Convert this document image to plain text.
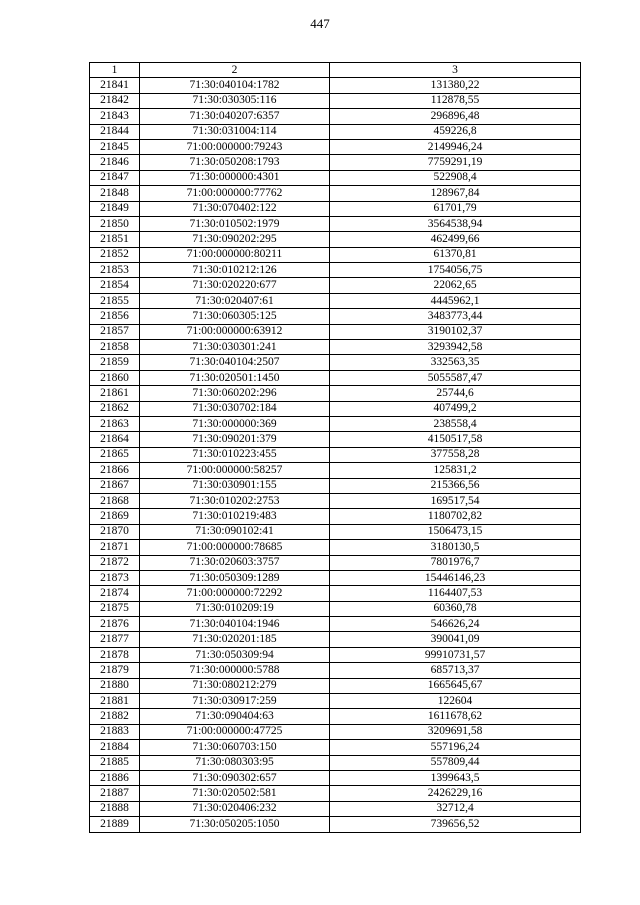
447
1	2	3
21841	71:30:040104:1782	131380,22
21842	71:30:030305:116	112878,55
21843	71:30:040207:6357	296896,48
21844	71:30:031004:114	459226,8
21845	71:00:000000:79243	2149946,24
21846	71:30:050208:1793	7759291,19
21847	71:30:000000:4301	522908,4
21848	71:00:000000:77762	128967,84
21849	71:30:070402:122	61701,79
21850	71:30:010502:1979	3564538,94
21851	71:30:090202:295	462499,66
21852	71:00:000000:80211	61370,81
21853	71:30:010212:126	1754056,75
21854	71:30:020220:677	22062,65
21855	71:30:020407:61	4445962,1
21856	71:30:060305:125	3483773,44
21857	71:00:000000:63912	3190102,37
21858	71:30:030301:241	3293942,58
21859	71:30:040104:2507	332563,35
21860	71:30:020501:1450	5055587,47
21861	71:30:060202:296	25744,6
21862	71:30:030702:184	407499,2
21863	71:30:000000:369	238558,4
21864	71:30:090201:379	4150517,58
21865	71:30:010223:455	377558,28
21866	71:00:000000:58257	125831,2
21867	71:30:030901:155	215366,56
21868	71:30:010202:2753	169517,54
21869	71:30:010219:483	1180702,82
21870	71:30:090102:41	1506473,15
21871	71:00:000000:78685	3180130,5
21872	71:30:020603:3757	7801976,7
21873	71:30:050309:1289	15446146,23
21874	71:00:000000:72292	1164407,53
21875	71:30:010209:19	60360,78
21876	71:30:040104:1946	546626,24
21877	71:30:020201:185	390041,09
21878	71:30:050309:94	99910731,57
21879	71:30:000000:5788	685713,37
21880	71:30:080212:279	1665645,67
21881	71:30:030917:259	122604
21882	71:30:090404:63	1611678,62
21883	71:00:000000:47725	3209691,58
21884	71:30:060703:150	557196,24
21885	71:30:080303:95	557809,44
21886	71:30:090302:657	1399643,5
21887	71:30:020502:581	2426229,16
21888	71:30:020406:232	32712,4
21889	71:30:050205:1050	739656,52
